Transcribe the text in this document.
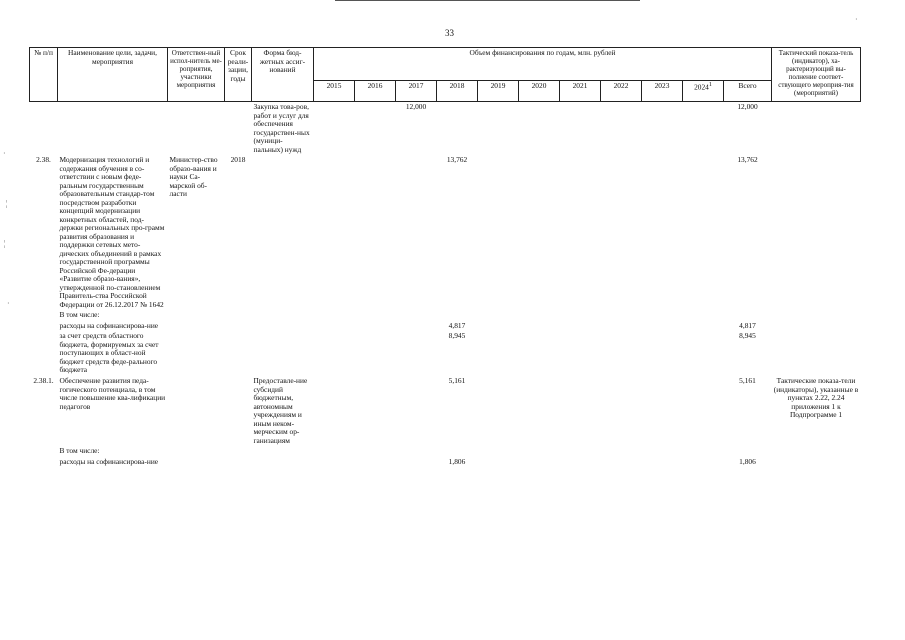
33
·
¦
¦
·
·
№ п/п	Наименование цели, задачи, мероприятия	Ответствен-ный испол-нитель ме-роприятия, участники мероприятия	Срок реали-зации, годы	Форма бюд-жетных ассиг-нований	Объем финансирования по годам, млн. рублей											Тактический показа-тель (индикатор), ха-рактеризующий вы-полнение соответ-ствующего мероприя-тия (мероприятий)
					2015	2016	2017	2018	2019	2020	2021	2022	2023	2024$^1$	Всего	
				Закупка това-ров, работ и услуг для обеспечения государствен-ных (муници-пальных) нужд			12,000								12,000	
2.38.	Модернизация технологий и содержания обучения в со-ответствии с новым феде-ральным государственным образовательным стандар-том посредством разработки концепций модернизации конкретных областей, под-держки региональных про-грамм развития образования и поддержки сетевых мето-дических объединений в рамках государственной программы Российской Фе-дерации «Развитие образо-вания», утвержденной по-становлением Правитель-ства Российской Федерации от 26.12.2017 № 1642	Министер-ство образо-вания и науки Са-марской об-ласти	2018					13,762							13,762	
	В том числе:															
	расходы на софинансирова-ние							4,817							4,817	
	за счет средств областного бюджета, формируемых за счет поступающих в област-ной бюджет средств феде-рального бюджета							8,945							8,945	
2.38.1.	Обеспечение развития педа-гогического потенциала, в том числе повышение ква-лификации педагогов			Предоставле-ние субсидий бюджетным, автономным учреждениям и иным неком-мерческим ор-ганизациям				5,161							5,161	Тактические показа-тели (индикаторы), указанные в пунктах 2.22, 2.24 приложения 1 к Подпрограмме 1
	В том числе:															
	расходы на софинансирова-ние							1,806							1,806	
